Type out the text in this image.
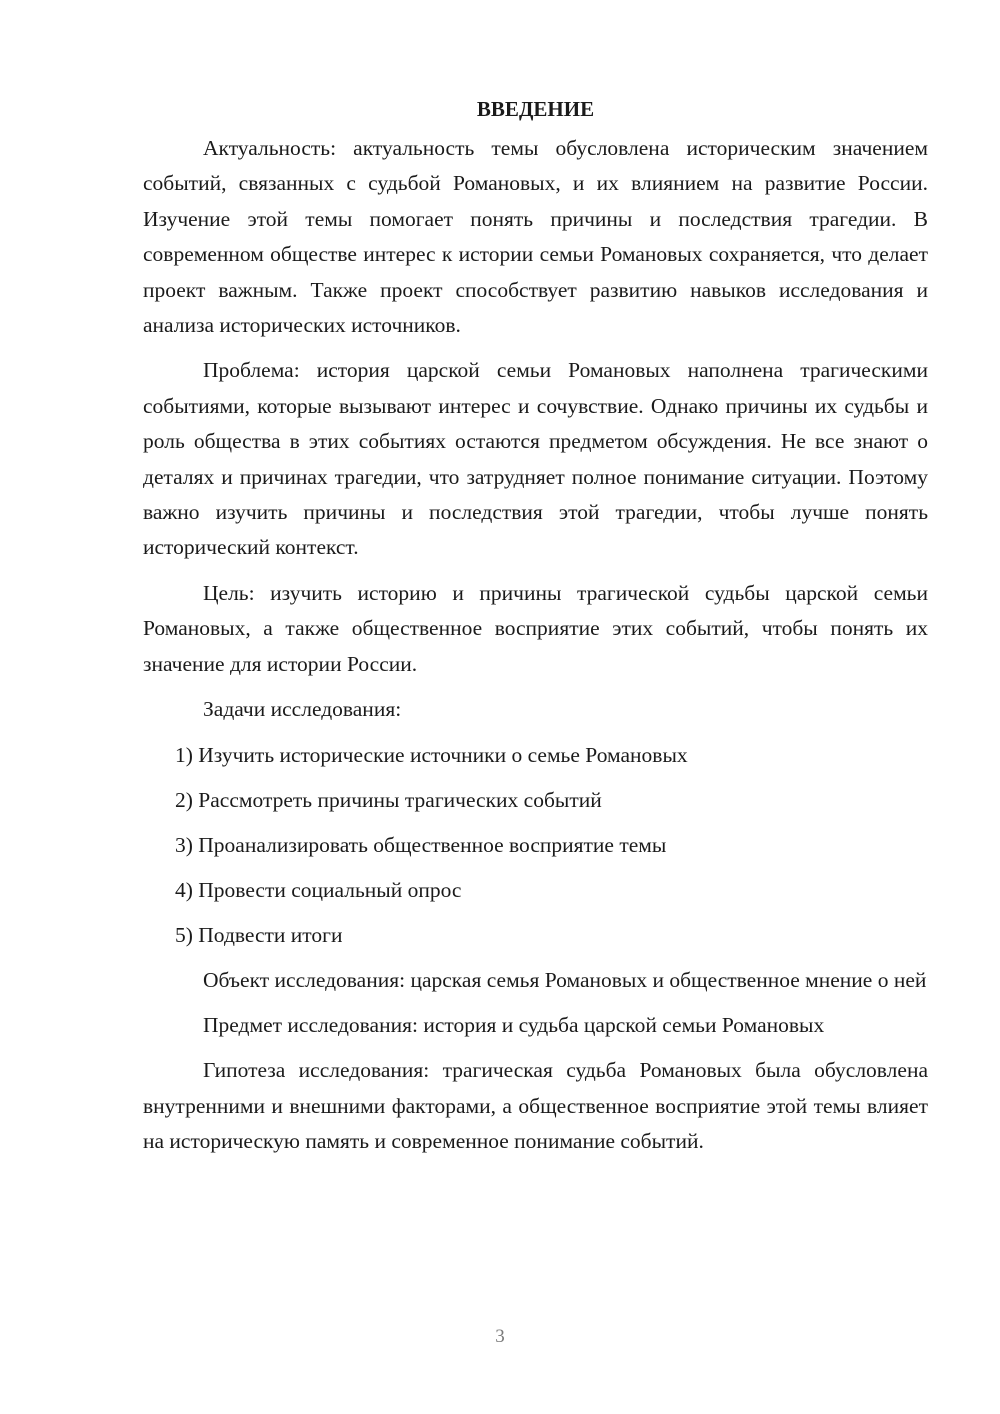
ВВЕДЕНИЕ

Актуальность: актуальность темы обусловлена историческим значением событий, связанных с судьбой Романовых, и их влиянием на развитие России. Изучение этой темы помогает понять причины и последствия трагедии. В современном обществе интерес к истории семьи Романовых сохраняется, что делает проект важным. Также проект способствует развитию навыков исследования и анализа исторических источников.

Проблема: история царской семьи Романовых наполнена трагическими событиями, которые вызывают интерес и сочувствие. Однако причины их судьбы и роль общества в этих событиях остаются предметом обсуждения. Не все знают о деталях и причинах трагедии, что затрудняет полное понимание ситуации. Поэтому важно изучить причины и последствия этой трагедии, чтобы лучше понять исторический контекст.

Цель: изучить историю и причины трагической судьбы царской семьи Романовых, а также общественное восприятие этих событий, чтобы понять их значение для истории России.

Задачи исследования:

1) Изучить исторические источники о семье Романовых
2) Рассмотреть причины трагических событий
3) Проанализировать общественное восприятие темы
4) Провести социальный опрос
5) Подвести итоги

Объект исследования: царская семья Романовых и общественное мнение о ней

Предмет исследования: история и судьба царской семьи Романовых

Гипотеза исследования: трагическая судьба Романовых была обусловлена внутренними и внешними факторами, а общественное восприятие этой темы влияет на историческую память и современное понимание событий.

3
